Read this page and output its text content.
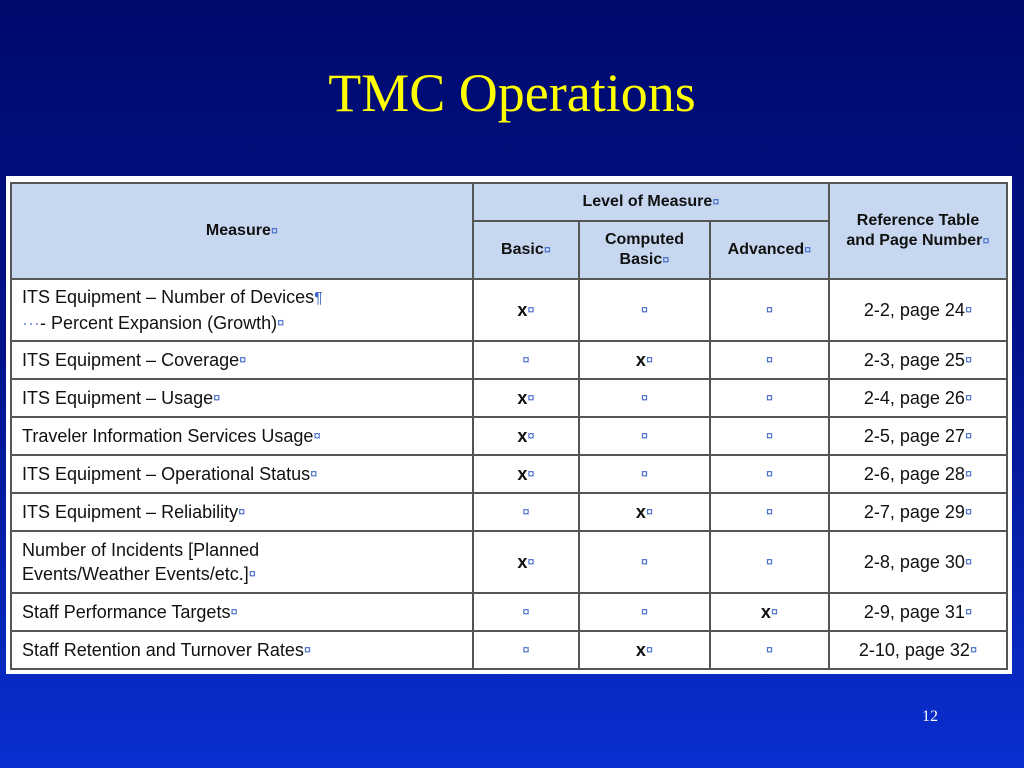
TMC Operations
Measure¤	Level of Measure¤			Reference Table and Page Number¤
	Basic¤	Computed Basic¤	Advanced¤
ITS Equipment – Number of Devices¶
···- Percent Expansion (Growth)¤	x¤	¤	¤	2-2, page 24¤
ITS Equipment – Coverage¤	¤	x¤	¤	2-3, page 25¤
ITS Equipment – Usage¤	x¤	¤	¤	2-4, page 26¤
Traveler Information Services Usage¤	x¤	¤	¤	2-5, page 27¤
ITS Equipment – Operational Status¤	x¤	¤	¤	2-6, page 28¤
ITS Equipment – Reliability¤	¤	x¤	¤	2-7, page 29¤
Number of Incidents [Planned
Events/Weather Events/etc.]¤	x¤	¤	¤	2-8, page 30¤
Staff Performance Targets¤	¤	¤	x¤	2-9, page 31¤
Staff Retention and Turnover Rates¤	¤	x¤	¤	2-10, page 32¤
12
